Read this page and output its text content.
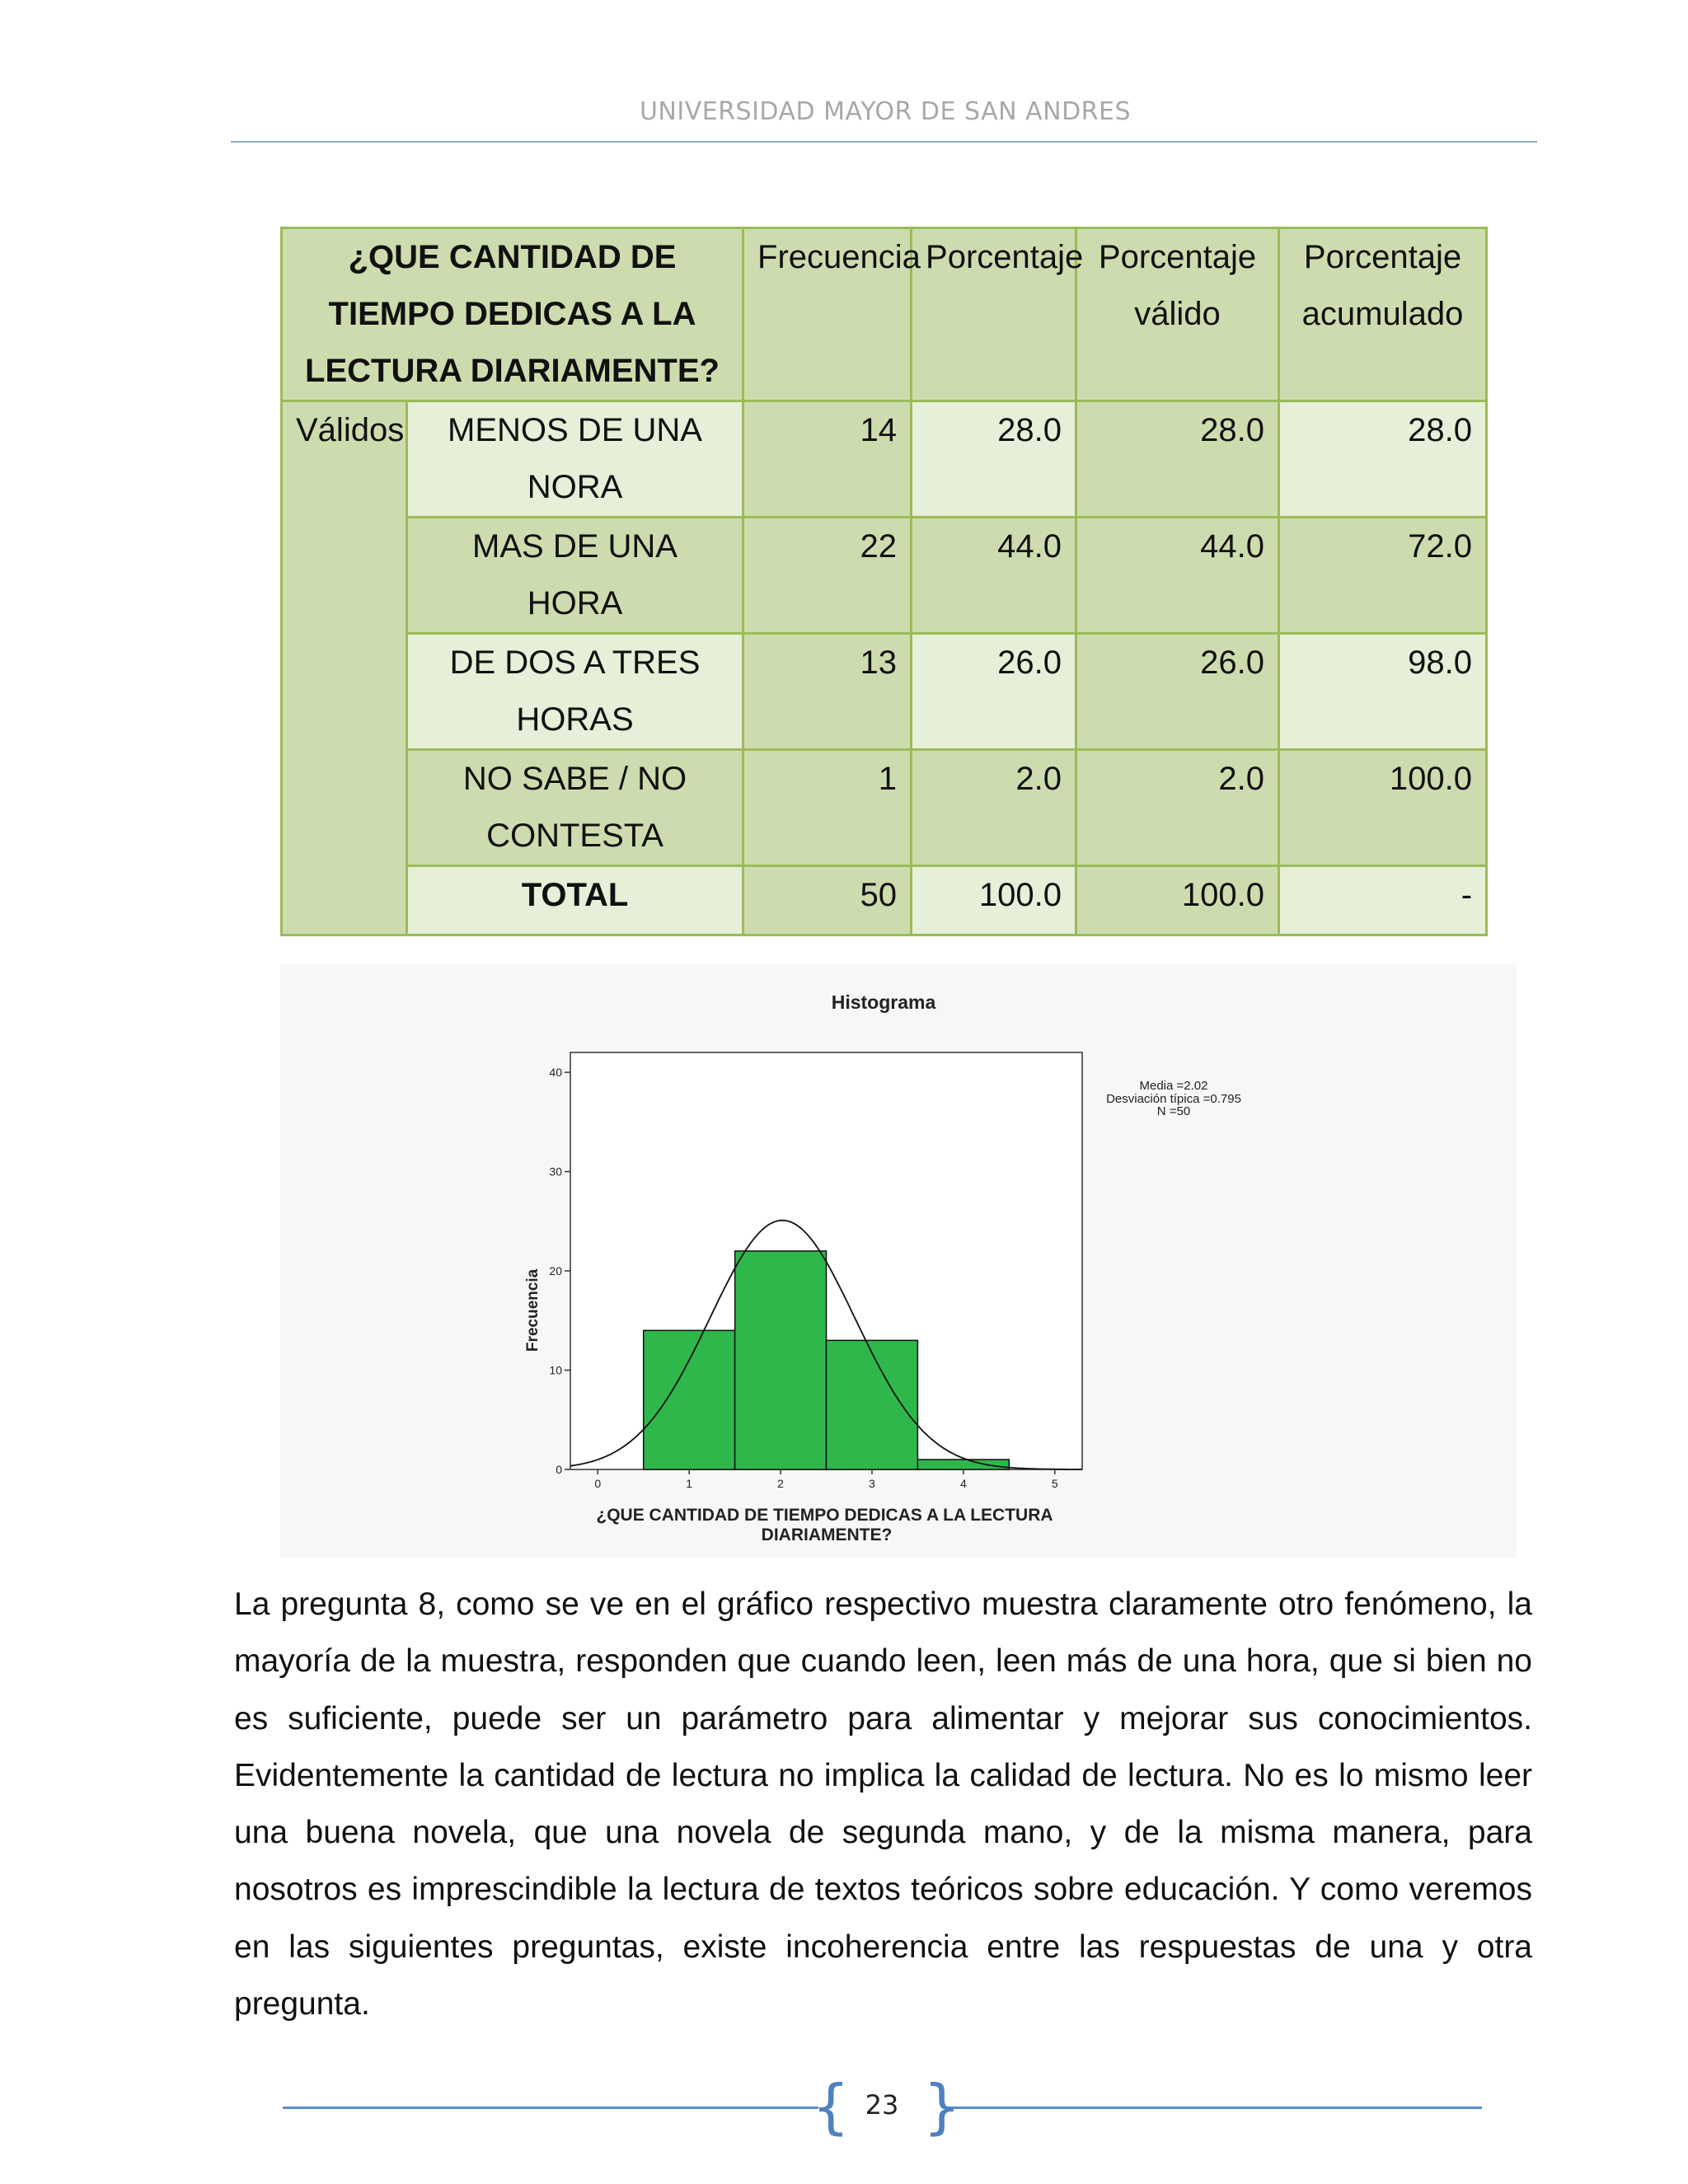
UNIVERSIDAD MAYOR DE SAN ANDRES
¿QUE CANTIDAD DE TIEMPO DEDICAS A LA LECTURA DIARIAMENTE?		Frecuencia	Porcentaje	Porcentaje válido	Porcentaje acumulado
Válidos	MENOS DE UNA NORA	14	28.0	28.0	28.0
	MAS DE UNA HORA	22	44.0	44.0	72.0
	DE DOS A TRES HORAS	13	26.0	26.0	98.0
	NO SABE / NO CONTESTA	1	2.0	2.0	100.0
	TOTAL	50	100.0	100.0	-
Histograma
Frecuencia
Media =2.02
Desviación típica =0.795
N =50
¿QUE CANTIDAD DE TIEMPO DEDICAS A LA LECTURA DIARIAMENTE?
0
10
20
30
40
0	1	2	3	4	5

La pregunta 8, como se ve en el gráfico respectivo muestra claramente otro fenómeno, la mayoría de la muestra, responden que cuando leen, leen más de una hora, que si bien no es suficiente, puede ser un parámetro para alimentar y mejorar sus conocimientos. Evidentemente la cantidad de lectura no implica la calidad de lectura. No es lo mismo leer una buena novela, que una novela de segunda mano, y de la misma manera, para nosotros es imprescindible la lectura de textos teóricos sobre educación. Y como veremos en las siguientes preguntas, existe incoherencia entre las respuestas de una y otra pregunta.

{ 23 }
